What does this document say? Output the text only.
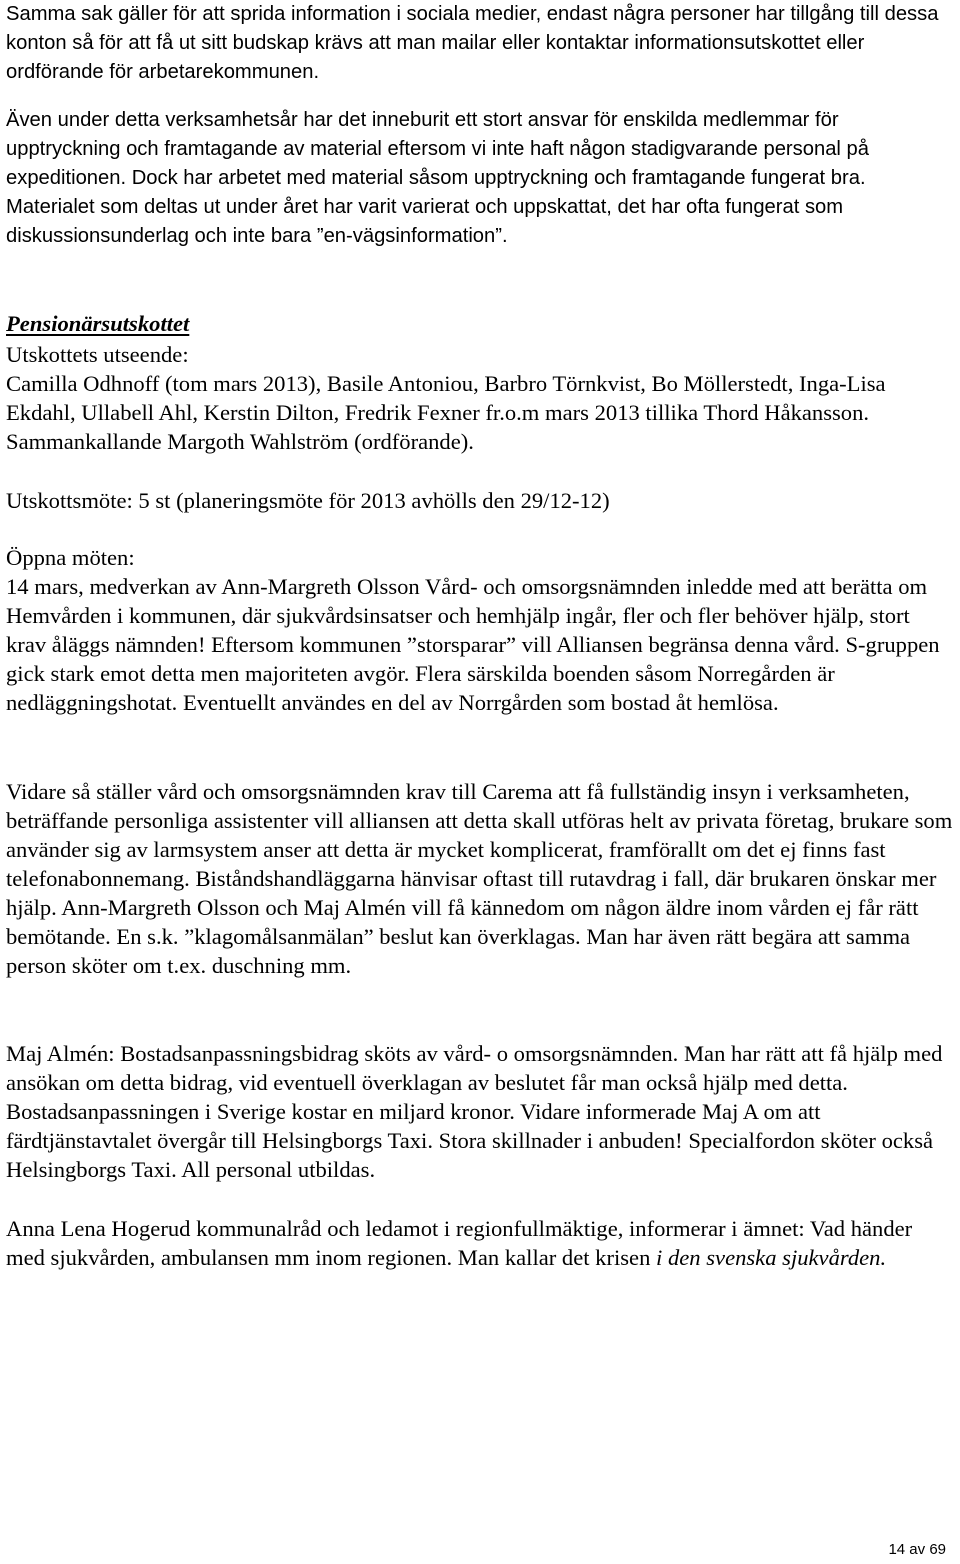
Samma sak gäller för att sprida information i sociala medier, endast några personer har tillgång till dessa konton så för att få ut sitt budskap krävs att man mailar eller kontaktar informationsutskottet eller ordförande för arbetarekommunen.

Även under detta verksamhetsår har det inneburit ett stort ansvar för enskilda medlemmar för upptryckning och framtagande av material eftersom vi inte haft någon stadigvarande personal på expeditionen. Dock har arbetet med material såsom upptryckning och framtagande fungerat bra. Materialet som deltas ut under året har varit varierat och uppskattat, det har ofta fungerat som diskussionsunderlag och inte bara ”en-vägsinformation”.

Pensionärsutskottet

Utskottets utseende:

Camilla Odhnoff (tom mars 2013), Basile Antoniou, Barbro Törnkvist, Bo Möllerstedt, Inga-Lisa Ekdahl, Ullabell Ahl, Kerstin Dilton, Fredrik Fexner fr.o.m mars 2013 tillika Thord Håkansson. Sammankallande Margoth Wahlström (ordförande).

Utskottsmöte: 5 st (planeringsmöte för 2013 avhölls den 29/12-12)

Öppna möten:

14 mars, medverkan av Ann-Margreth Olsson Vård- och omsorgsnämnden inledde med att berätta om Hemvården i kommunen, där sjukvårdsinsatser och hemhjälp ingår, fler och fler behöver hjälp, stort krav åläggs nämnden! Eftersom kommunen ”storsparar” vill Alliansen begränsa denna vård. S-gruppen gick stark emot detta men majoriteten avgör. Flera särskilda boenden såsom Norregården är nedläggningshotat. Eventuellt användes en del av Norrgården som bostad åt hemlösa.

Vidare så ställer vård och omsorgsnämnden krav till Carema att få fullständig insyn i verksamheten, beträffande personliga assistenter vill alliansen att detta skall utföras helt av privata företag, brukare som använder sig av larmsystem anser att detta är mycket komplicerat, framförallt om det ej finns fast telefonabonnemang. Biståndshandläggarna hänvisar oftast till rutavdrag i fall, där brukaren önskar mer hjälp. Ann-Margreth Olsson och Maj Almén vill få kännedom om någon äldre inom vården ej får rätt bemötande. En s.k. ”klagomålsanmälan” beslut kan överklagas. Man har även rätt begära att samma person sköter om t.ex. duschning mm.

Maj Almén: Bostadsanpassningsbidrag sköts av vård- o omsorgsnämnden. Man har rätt att få hjälp med ansökan om detta bidrag, vid eventuell överklagan av beslutet får man också hjälp med detta. Bostadsanpassningen i Sverige kostar en miljard kronor. Vidare informerade Maj A om att färdtjänstavtalet övergår till Helsingborgs Taxi. Stora skillnader i anbuden! Specialfordon sköter också Helsingborgs Taxi. All personal utbildas.

Anna Lena Hogerud kommunalråd och ledamot i regionfullmäktige, informerar i ämnet: Vad händer med sjukvården, ambulansen mm inom regionen. Man kallar det krisen i den svenska sjukvården.

14 av 69
